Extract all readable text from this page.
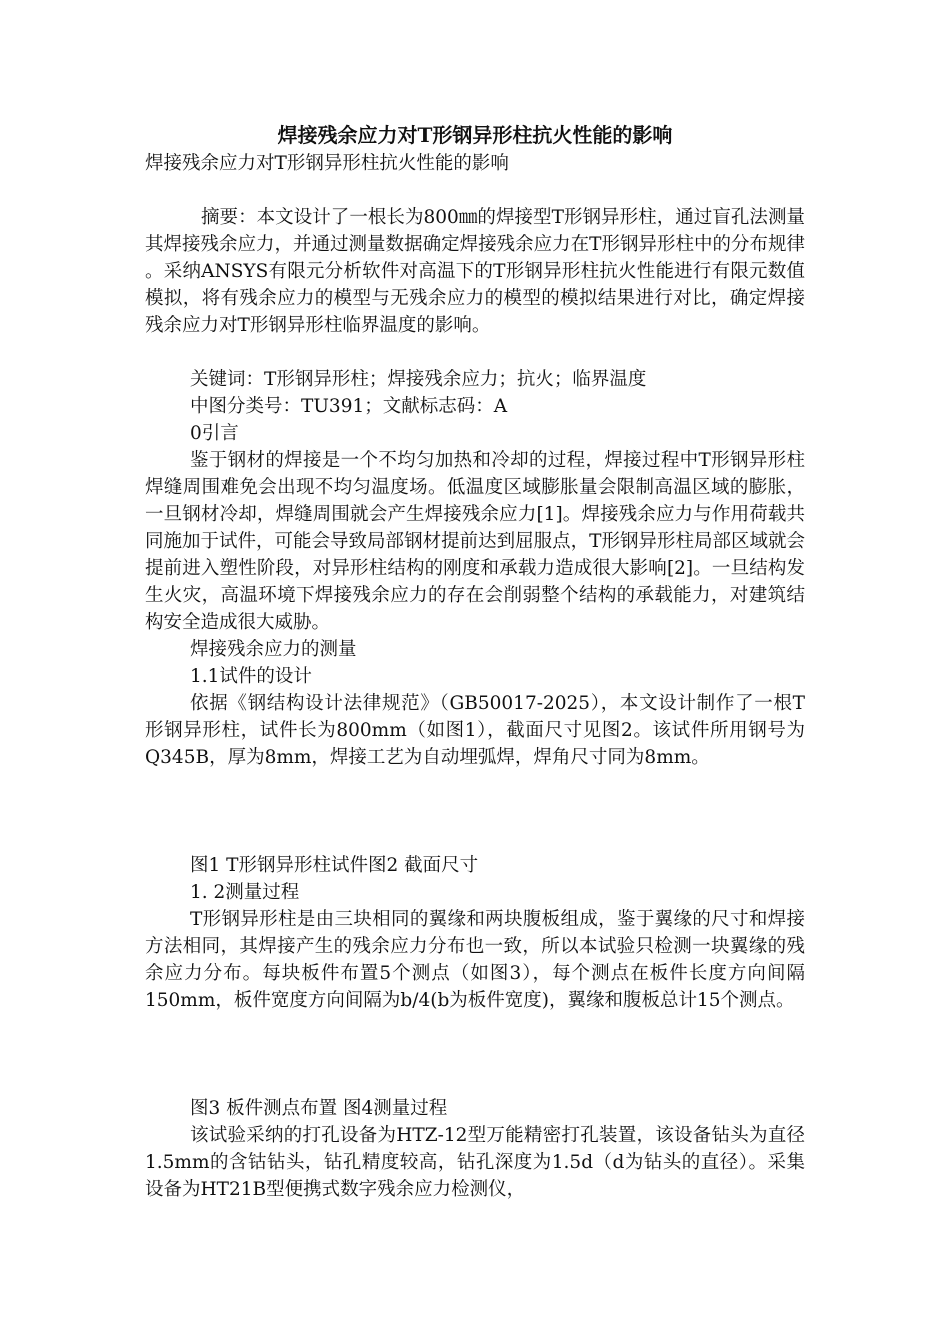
焊接残余应力对T形钢异形柱抗火性能的影响

焊接残余应力对T形钢异形柱抗火性能的影响

摘要：本文设计了一根长为800㎜的焊接型T形钢异形柱，通过盲孔法测量其焊接残余应力，并通过测量数据确定焊接残余应力在T形钢异形柱中的分布规律 。采纳ANSYS有限元分析软件对高温下的T形钢异形柱抗火性能进行有限元数值模拟，将有残余应力的模型与无残余应力的模型的模拟结果进行对比，确定焊接残余应力对T形钢异形柱临界温度的影响。

关键词：T形钢异形柱；焊接残余应力；抗火；临界温度

中图分类号：TU391；文献标志码：A

0引言

鉴于钢材的焊接是一个不均匀加热和冷却的过程，焊接过程中T形钢异形柱焊缝周围难免会出现不均匀温度场。低温度区域膨胀量会限制高温区域的膨胀，一旦钢材冷却，焊缝周围就会产生焊接残余应力[1]。焊接残余应力与作用荷载共同施加于试件，可能会导致局部钢材提前达到屈服点，T形钢异形柱局部区域就会提前进入塑性阶段，对异形柱结构的刚度和承载力造成很大影响[2]。一旦结构发生火灾，高温环境下焊接残余应力的存在会削弱整个结构的承载能力，对建筑结构安全造成很大威胁。

焊接残余应力的测量

1.1试件的设计

依据《钢结构设计法律规范》（GB50017-2025），本文设计制作了一根T形钢异形柱，试件长为800mm（如图1），截面尺寸见图2。该试件所用钢号为Q345B，厚为8mm，焊接工艺为自动埋弧焊，焊角尺寸同为8mm。

图1 T形钢异形柱试件图2 截面尺寸

1. 2测量过程

T形钢异形柱是由三块相同的翼缘和两块腹板组成，鉴于翼缘的尺寸和焊接方法相同，其焊接产生的残余应力分布也一致，所以本试验只检测一块翼缘的残余应力分布。每块板件布置5个测点（如图3），每个测点在板件长度方向间隔150mm，板件宽度方向间隔为b/4(b为板件宽度)，翼缘和腹板总计15个测点。

图3 板件测点布置 图4测量过程

该试验采纳的打孔设备为HTZ-12型万能精密打孔装置，该设备钻头为直径1.5mm的含钴钻头，钻孔精度较高，钻孔深度为1.5d（d为钻头的直径）。采集设备为HT21B型便携式数字残余应力检测仪，
